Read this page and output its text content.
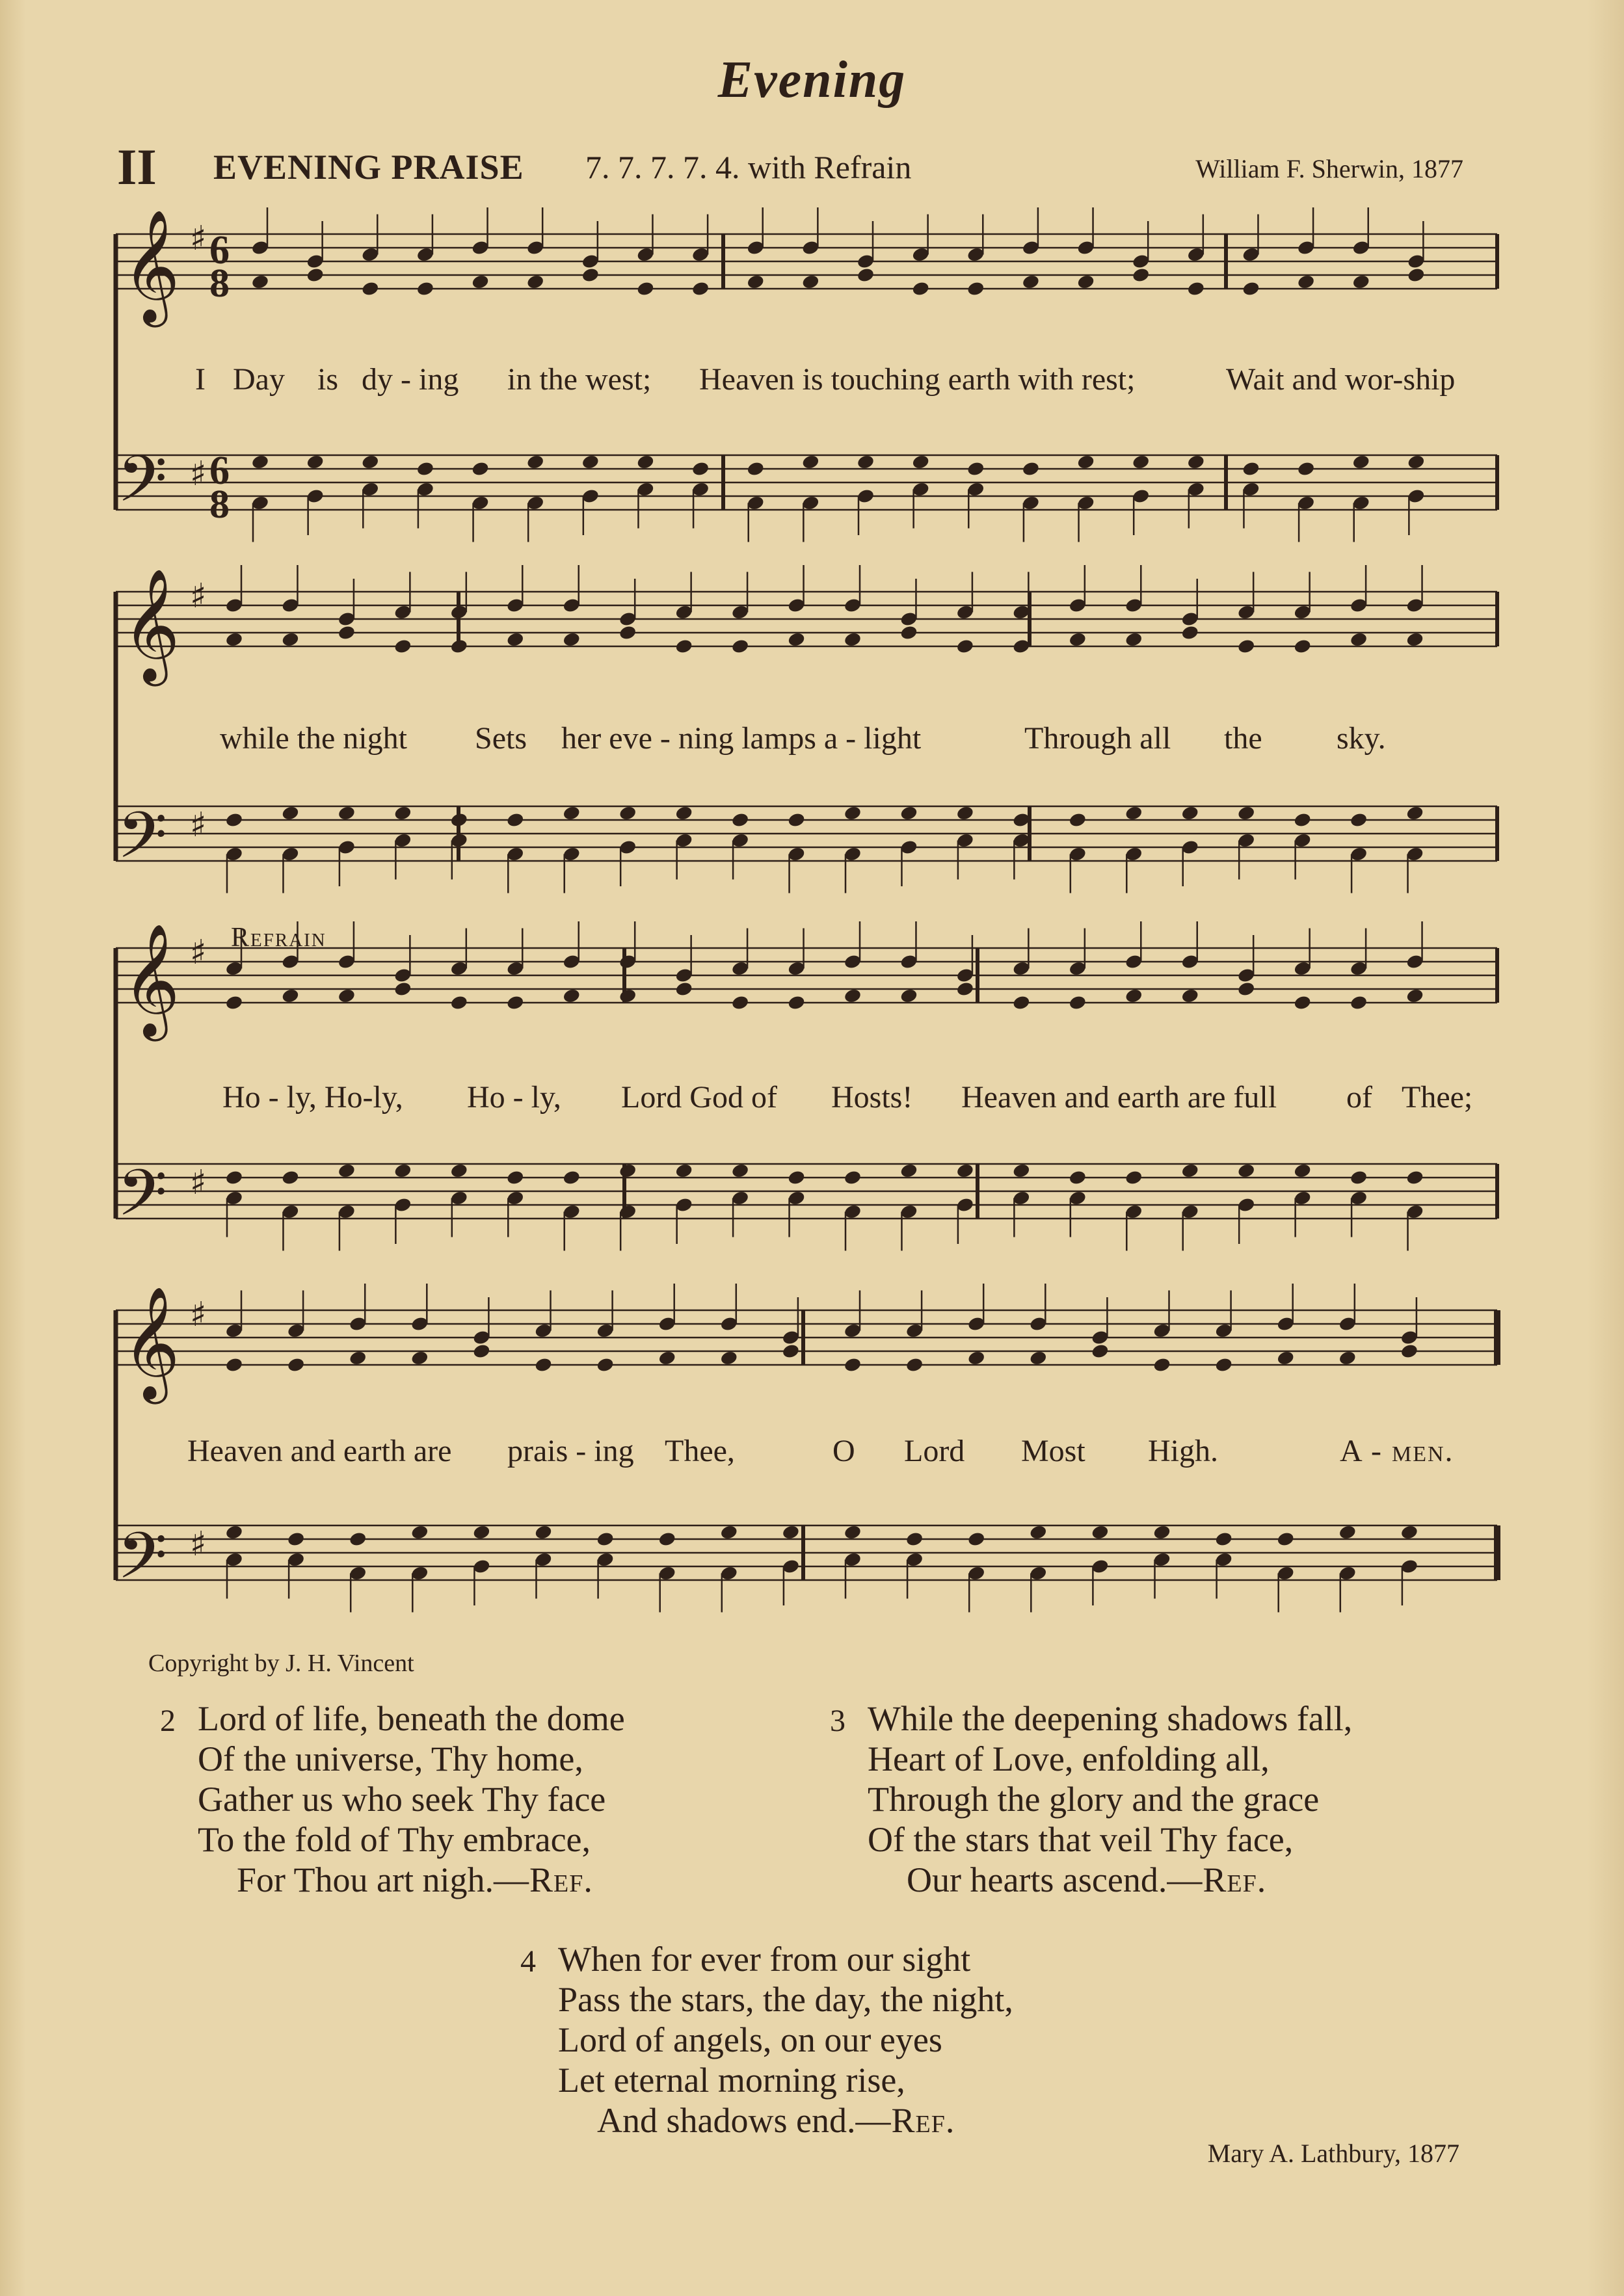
Evening
II EVENING PRAISE 7. 7. 7. 7. 4. with Refrain	William F. Sherwin, 1877
♯
♯
♯
♯
♯
♯
♯
♯
𝄞
𝄢
𝄞
𝄢
𝄞
𝄢
𝄞
𝄢
6
8
6
8
I Day is dy - ing in the west; Heaven is touching earth with rest;	Wait and wor-ship
while the night Sets her eve - ning lamps a - light	Through all the sky.
Ho - ly, Ho-ly, Ho - ly, Lord God of Hosts! Heaven and earth are full of Thee;
Heaven and earth are prais - ing Thee,	O Lord Most High.	A - men.
Refrain
Copyright by J. H. Vincent
2 Lord of life, beneath the dome
Of the universe, Thy home,
Gather us who seek Thy face
To the fold of Thy embrace,
For Thou art nigh.—Ref.
3 While the deepening shadows fall,
Heart of Love, enfolding all,
Through the glory and the grace
Of the stars that veil Thy face,
Our hearts ascend.—Ref.
4 When for ever from our sight
Pass the stars, the day, the night,
Lord of angels, on our eyes
Let eternal morning rise,
And shadows end.—Ref.
Mary A. Lathbury, 1877
